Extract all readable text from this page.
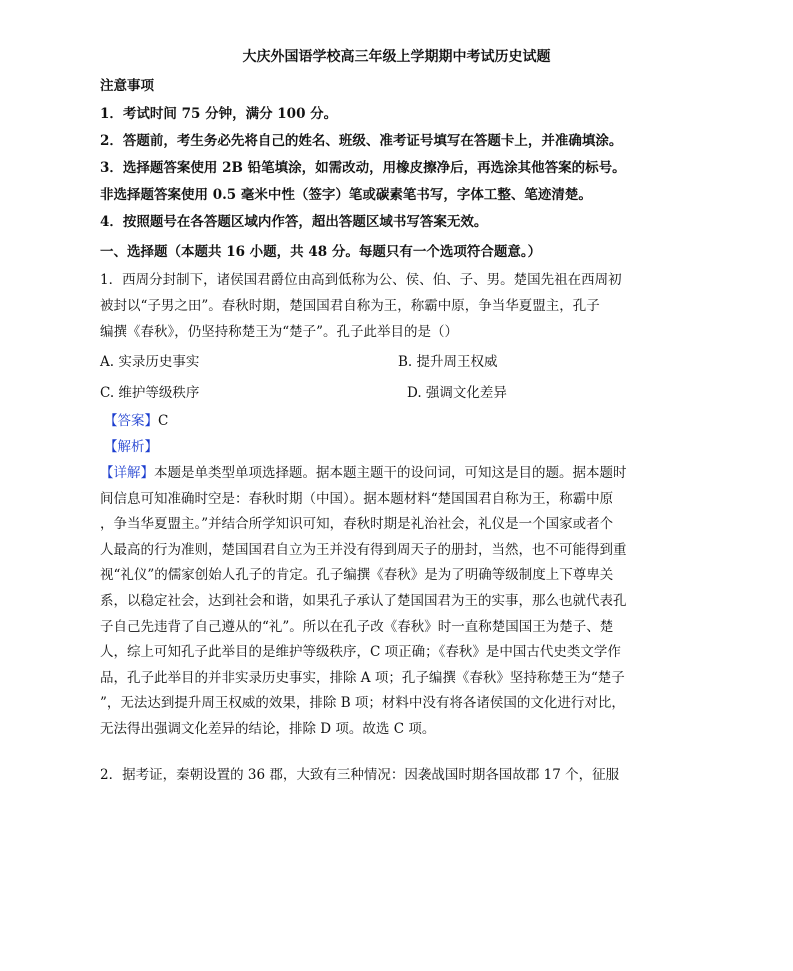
大庆外国语学校高三年级上学期期中考试历史试题
注意事项
1．考试时间 75 分钟，满分 100 分。
2．答题前，考生务必先将自己的姓名、班级、准考证号填写在答题卡上，并准确填涂。
3．选择题答案使用 2B 铅笔填涂，如需改动，用橡皮擦净后，再选涂其他答案的标号。
非选择题答案使用 0.5 毫米中性（签字）笔或碳素笔书写，字体工整、笔迹清楚。
4．按照题号在各答题区域内作答，超出答题区域书写答案无效。
一、选择题（本题共 16 小题，共 48 分。每题只有一个选项符合题意。）
1．西周分封制下，诸侯国君爵位由高到低称为公、侯、伯、子、男。楚国先祖在西周初
被封以“子男之田”。春秋时期，楚国国君自称为王，称霸中原，争当华夏盟主，孔子
编撰《春秋》，仍坚持称楚王为“楚子”。孔子此举目的是（）
A. 实录历史事实	B. 提升周王权威
C. 维护等级秩序	D. 强调文化差异
【答案】C
【解析】
【详解】本题是单类型单项选择题。据本题主题干的设问词，可知这是目的题。据本题时
间信息可知准确时空是：春秋时期（中国）。据本题材料“楚国国君自称为王，称霸中原
，争当华夏盟主。”并结合所学知识可知，春秋时期是礼治社会，礼仪是一个国家或者个
人最高的行为准则，楚国国君自立为王并没有得到周天子的册封，当然，也不可能得到重
视“礼仪”的儒家创始人孔子的肯定。孔子编撰《春秋》是为了明确等级制度上下尊卑关
系，以稳定社会，达到社会和谐，如果孔子承认了楚国国君为王的实事，那么也就代表孔
子自己先违背了自己遵从的“礼”。所以在孔子改《春秋》时一直称楚国国王为楚子、楚
人，综上可知孔子此举目的是维护等级秩序，C 项正确；《春秋》是中国古代史类文学作
品，孔子此举目的并非实录历史事实，排除 A 项；孔子编撰《春秋》坚持称楚王为“楚子
”，无法达到提升周王权威的效果，排除 B 项；材料中没有将各诸侯国的文化进行对比，
无法得出强调文化差异的结论，排除 D 项。故选 C 项。
2．据考证，秦朝设置的 36 郡，大致有三种情况：因袭战国时期各国故郡 17 个，征服
